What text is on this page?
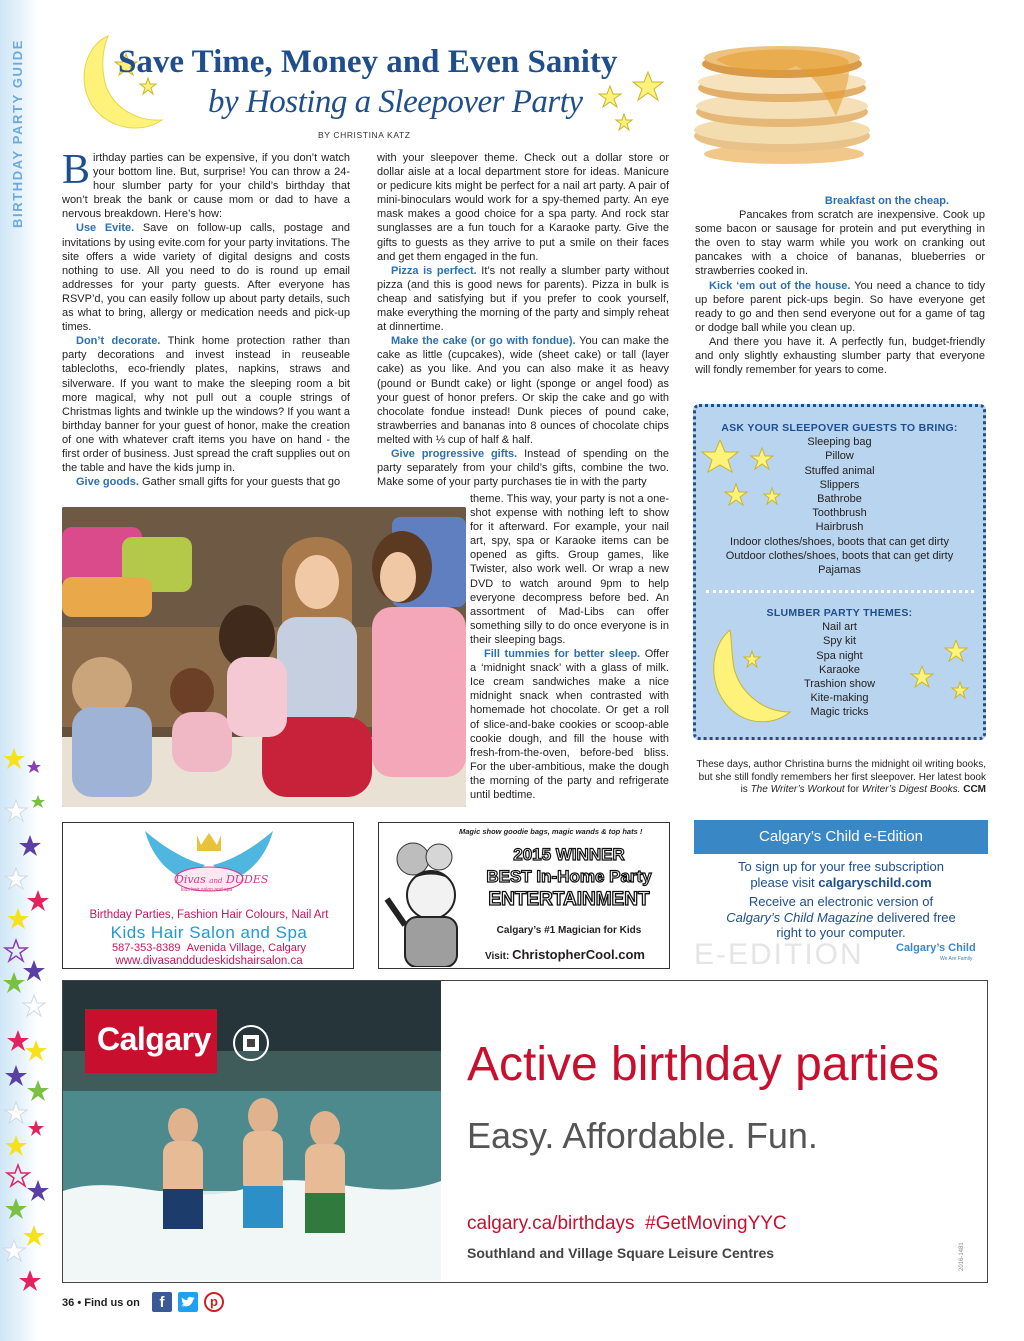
BIRTHDAY PARTY GUIDE	Save Time, Money and Even Sanity
by Hosting a Sleepover Party
BY CHRISTINA KATZ

Birthday parties can be expensive, if you don’t watch your bottom line. But, surprise! You can throw a 24-hour slumber party for your child’s birthday that won’t break the bank or cause mom or dad to have a nervous breakdown. Here’s how:

Use Evite. Save on follow-up calls, postage and invitations by using evite.com for your party invitations. The site offers a wide variety of digital designs and costs nothing to use. All you need to do is round up email addresses for your party guests. After everyone has RSVP’d, you can easily follow up about party details, such as what to bring, allergy or medication needs and pick-up times.

Don’t decorate. Think home protection rather than party decorations and invest instead in reuseable tablecloths, eco-friendly plates, napkins, straws and silverware. If you want to make the sleeping room a bit more magical, why not pull out a couple strings of Christmas lights and twinkle up the windows? If you want a birthday banner for your guest of honor, make the creation of one with whatever craft items you have on hand - the first order of business. Just spread the craft supplies out on the table and have the kids jump in.

Give goods. Gather small gifts for your guests that go

with your sleepover theme. Check out a dollar store or dollar aisle at a local department store for ideas. Manicure or pedicure kits might be perfect for a nail art party. A pair of mini-binoculars would work for a spy-themed party. An eye mask makes a good choice for a spa party. And rock star sunglasses are a fun touch for a Karaoke party. Give the gifts to guests as they arrive to put a smile on their faces and get them engaged in the fun.

Pizza is perfect. It’s not really a slumber party without pizza (and this is good news for parents). Pizza in bulk is cheap and satisfying but if you prefer to cook yourself, make everything the morning of the party and simply reheat at dinnertime.

Make the cake (or go with fondue). You can make the cake as little (cupcakes), wide (sheet cake) or tall (layer cake) as you like. And you can also make it as heavy (pound or Bundt cake) or light (sponge or angel food) as your guest of honor prefers. Or skip the cake and go with chocolate fondue instead! Dunk pieces of pound cake, strawberries and bananas into 8 ounces of chocolate chips melted with ⅓ cup of half & half.

Give progressive gifts. Instead of spending on the party separately from your child’s gifts, combine the two. Make some of your party purchases tie in with the party

theme. This way, your party is not a one-shot expense with nothing left to show for it afterward. For example, your nail art, spy, spa or Karaoke items can be opened as gifts. Group games, like Twister, also work well. Or wrap a new DVD to watch around 9pm to help everyone decompress before bed. An assortment of Mad-Libs can offer something silly to do once everyone is in their sleeping bags.

Fill tummies for better sleep. Offer a ‘midnight snack’ with a glass of milk. Ice cream sandwiches make a nice midnight snack when contrasted with homemade hot chocolate. Or get a roll of slice-and-bake cookies or scoop-able cookie dough, and fill the house with fresh-from-the-oven, before-bed bliss. For the uber-ambitious, make the dough the morning of the party and refrigerate until bedtime.

Breakfast on the cheap.

Pancakes from scratch are inexpensive. Cook up some bacon or sausage for protein and put everything in the oven to stay warm while you work on cranking out pancakes with a choice of bananas, blueberries or strawberries cooked in.

Kick ‘em out of the house. You need a chance to tidy up before parent pick-ups begin. So have everyone get ready to go and then send everyone out for a game of tag or dodge ball while you clean up.

And there you have it. A perfectly fun, budget-friendly and only slightly exhausting slumber party that everyone will fondly remember for years to come.

ASK YOUR SLEEPOVER GUESTS TO BRING:
Sleeping bag
Pillow
Stuffed animal
Slippers
Bathrobe
Toothbrush
Hairbrush
Indoor clothes/shoes, boots that can get dirty
Outdoor clothes/shoes, boots that can get dirty
Pajamas
SLUMBER PARTY THEMES:
Nail art
Spy kit
Spa night
Karaoke
Trashion show
Kite-making
Magic tricks
These days, author Christina burns the midnight oil writing books, but she still fondly remembers her first sleepover. Her latest book is The Writer’s Workout for Writer’s Digest Books. CCM
Divas and DUDES
kids hair salon and spa
Birthday Parties, Fashion Hair Colours, Nail Art
Kids Hair Salon and Spa
587-353-8389 Avenida Village, Calgary
www.divasanddudeskidshairsalon.ca
Magic show goodie bags, magic wands & top hats !
2015 WINNER
BEST In-Home Party
ENTERTAINMENT
Calgary’s #1 Magician for Kids
Visit: ChristopherCool.com
Calgary’s Child e-Edition
To sign up for your free subscription
please visit calgaryschild.com
Receive an electronic version of
Calgary’s Child Magazine delivered free
right to your computer.
E-EDITION	Calgary’s Child
We Are Family
Calgary	Active birthday parties
Easy. Affordable. Fun.
calgary.ca/birthdays #GetMovingYYC
Southland and Village Square Leisure Centres	2016-1481
36 • Find us on	f	p
